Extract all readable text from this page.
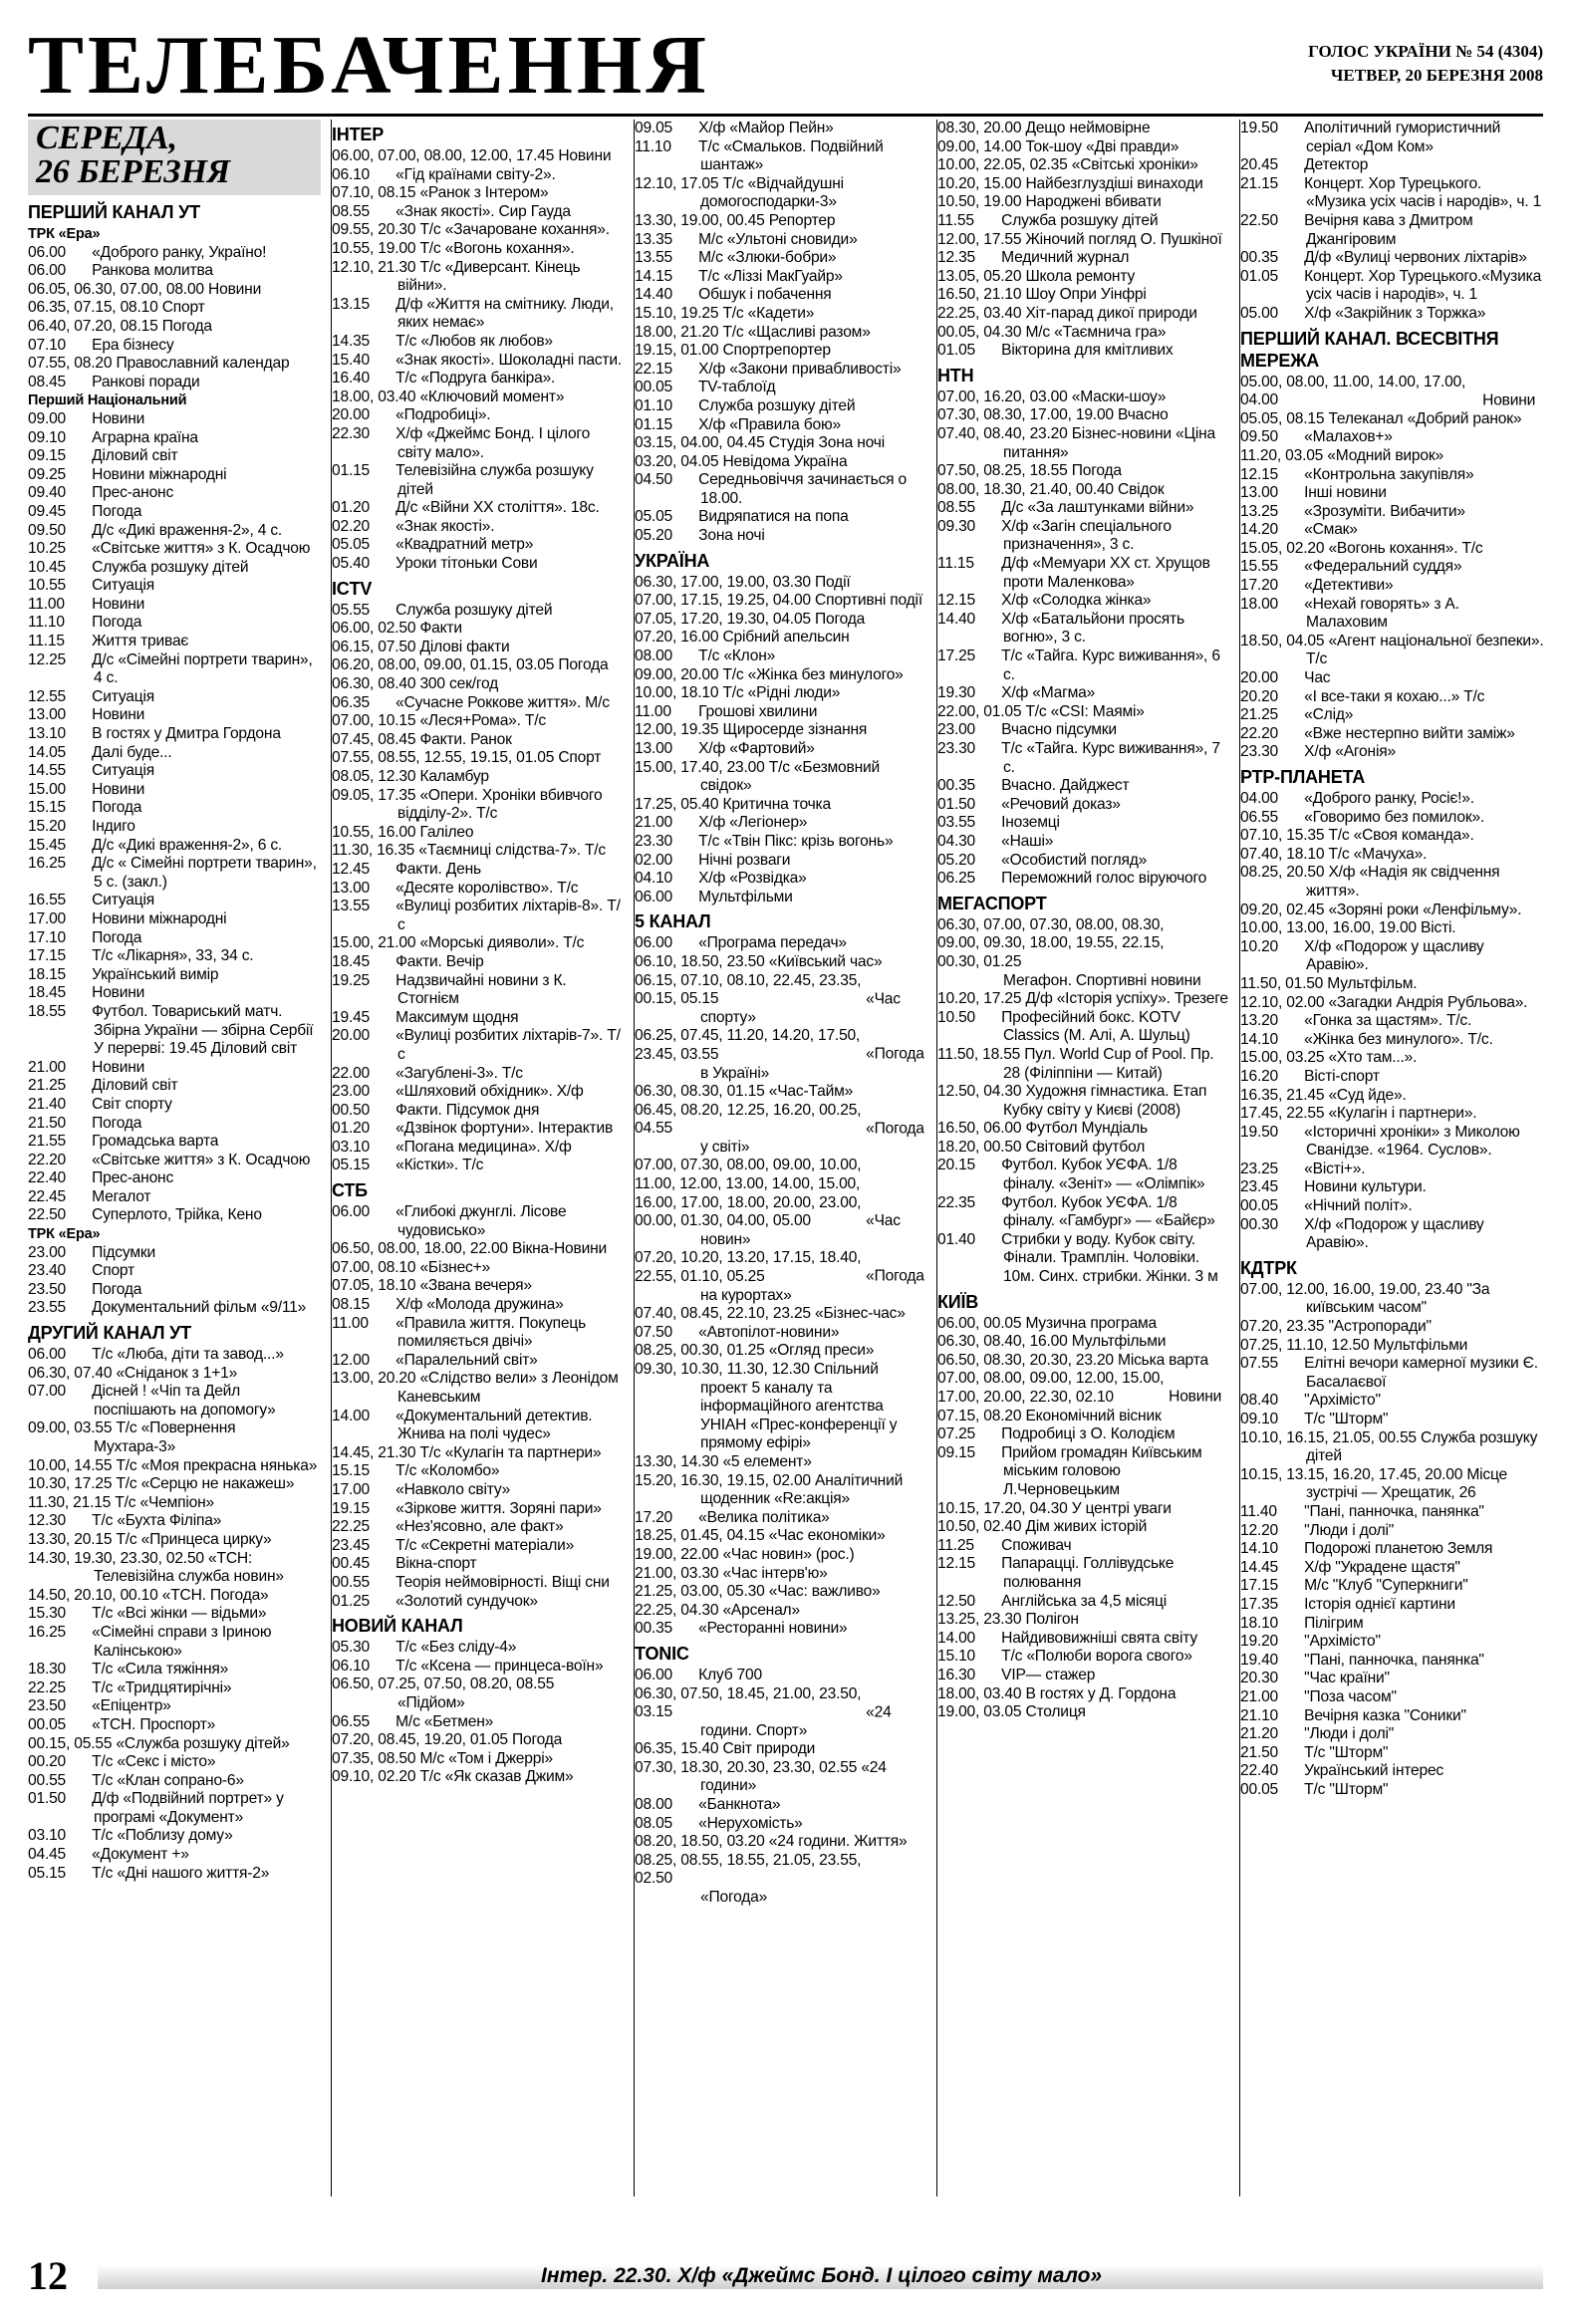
ТЕЛЕБАЧЕННЯ	ГОЛОС УКРАЇНИ № 54 (4304)
ЧЕТВЕР, 20 БЕРЕЗНЯ 2008
СЕРЕДА,
26 БЕРЕЗНЯ
ПЕРШИЙ КАНАЛ УТ
ТРК «Ера»
06.00 «Доброго ранку, Україно!
06.00 Ранкова молитва
06.05, 06.30, 07.00, 08.00 Новини
06.35, 07.15, 08.10 Спорт
06.40, 07.20, 08.15 Погода
07.10 Ера бізнесу
07.55, 08.20 Православний календар
08.45 Ранкові поради
Перший Національний
09.00 Новини
09.10 Аграрна країна
09.15 Діловий світ
09.25 Новини міжнародні
09.40 Прес-анонс
09.45 Погода
09.50 Д/с «Дикі враження-2», 4 с.
10.25 «Світське життя» з К. Осадчою
10.45 Служба розшуку дітей
10.55 Ситуація
11.00 Новини
11.10 Погода
11.15 Життя триває
12.25 Д/с «Сімейні портрети тварин», 4 с.
12.55 Ситуація
13.00 Новини
13.10 В гостях у Дмитра Гордона
14.05 Далі буде...
14.55 Ситуація
15.00 Новини
15.15 Погода
15.20 Індиго
15.45 Д/с «Дикі враження-2», 6 с.
16.25 Д/с « Сімейні портрети тварин», 5 с. (закл.)
16.55 Ситуація
17.00 Новини міжнародні
17.10 Погода
17.15 Т/с «Лікарня», 33, 34 с.
18.15 Український вимір
18.45 Новини
18.55 Футбол. Товариський матч. Збірна України — збірна Сербії У перерві: 19.45 Діловий світ
21.00 Новини
21.25 Діловий світ
21.40 Світ спорту
21.50 Погода
21.55 Громадська варта
22.20 «Світське життя» з К. Осадчою
22.40 Прес-анонс
22.45 Мегалот
22.50 Суперлото, Трійка, Кено
ТРК «Ера»
23.00 Підсумки
23.40 Спорт
23.50 Погода
23.55 Документальний фільм «9/11»
ДРУГИЙ КАНАЛ УТ
06.00 Т/с «Люба, діти та завод...»
06.30, 07.40 «Сніданок з 1+1»
07.00 Дісней ! «Чіп та Дейл поспішають на допомогу»
09.00, 03.55 Т/с «Повернення Мухтара-3»
10.00, 14.55 Т/с «Моя прекрасна нянька»
10.30, 17.25 Т/с «Серцю не накажеш»
11.30, 21.15 Т/с «Чемпіон»
12.30 Т/с «Бухта Філіпа»
13.30, 20.15 Т/с «Принцеса цирку»
14.30, 19.30, 23.30, 02.50 «ТСН: Телевізійна служба новин»
14.50, 20.10, 00.10 «ТСН. Погода»
15.30 Т/с «Всі жінки — відьми»
16.25 «Сімейні справи з Іриною Калінською»
18.30 Т/с «Сила тяжіння»
22.25 Т/с «Тридцятирічні»
23.50 «Епіцентр»
00.05 «ТСН. Проспорт»
00.15, 05.55 «Служба розшуку дітей»
00.20 Т/с «Секс і місто»
00.55 Т/с «Клан сопрано-6»
01.50 Д/ф «Подвійний портрет» у програмі «Документ»
03.10 Т/с «Поблизу дому»
04.45 «Документ +»
05.15 Т/с «Дні нашого життя-2»
ІНТЕР
06.00, 07.00, 08.00, 12.00, 17.45 Новини
06.10 «Гід країнами світу-2».
07.10, 08.15 «Ранок з Інтером»
08.55 «Знак якості». Сир Гауда
09.55, 20.30 Т/с «Зачароване кохання».
10.55, 19.00 Т/с «Вогонь кохання».
12.10, 21.30 Т/с «Диверсант. Кінець війни».
13.15 Д/ф «Життя на смітнику. Люди, яких немає»
14.35 Т/с «Любов як любов»
15.40 «Знак якості». Шоколадні пасти.
16.40 Т/с «Подруга банкіра».
18.00, 03.40 «Ключовий момент»
20.00 «Подробиці».
22.30 Х/ф «Джеймс Бонд. І цілого світу мало».
01.15 Телевізійна служба розшуку дітей
01.20 Д/с «Війни XX століття». 18с.
02.20 «Знак якості».
05.05 «Квадратний метр»
05.40 Уроки тітоньки Сови
ICTV
05.55 Служба розшуку дітей
06.00, 02.50 Факти
06.15, 07.50 Ділові факти
06.20, 08.00, 09.00, 01.15, 03.05 Погода
06.30, 08.40 300 сек/год
06.35 «Сучасне Роккове життя». М/с
07.00, 10.15 «Леся+Рома». Т/с
07.45, 08.45 Факти. Ранок
07.55, 08.55, 12.55, 19.15, 01.05 Спорт
08.05, 12.30 Каламбур
09.05, 17.35 «Опери. Хроніки вбивчого відділу-2». Т/с
10.55, 16.00 Галілео
11.30, 16.35 «Таємниці слідства-7». Т/с
12.45 Факти. День
13.00 «Десяте королівство». Т/с
13.55 «Вулиці розбитих ліхтарів-8». Т/с
15.00, 21.00 «Морські дияволи». Т/с
18.45 Факти. Вечір
19.25 Надзвичайні новини з К. Стогнієм
19.45 Максимум щодня
20.00 «Вулиці розбитих ліхтарів-7». Т/с
22.00 «Загублені-3». Т/с
23.00 «Шляховий обхідник». Х/ф
00.50 Факти. Підсумок дня
01.20 «Дзвінок фортуни». Інтерактив
03.10 «Погана медицина». Х/ф
05.15 «Кістки». Т/с
СТБ
06.00 «Глибокі джунглі. Лісове чудовисько»
06.50, 08.00, 18.00, 22.00 Вікна-Новини
07.00, 08.10 «Бізнес+»
07.05, 18.10 «Звана вечеря»
08.15 Х/ф «Молода дружина»
11.00 «Правила життя. Покупець помиляється двічі»
12.00 «Паралельний світ»
13.00, 20.20 «Слідство вели» з Леонідом Каневським
14.00 «Документальний детектив. Жнива на полі чудес»
14.45, 21.30 Т/с «Кулагін та партнери»
15.15 Т/с «Коломбо»
17.00 «Навколо світу»
19.15 «Зіркове життя. Зоряні пари»
22.25 «Нез'ясовно, але факт»
23.45 Т/с «Секретні матеріали»
00.45 Вікна-спорт
00.55 Теорія неймовірності. Віщі сни
01.25 «Золотий сундучок»
НОВИЙ КАНАЛ
05.30 Т/с «Без сліду-4»
06.10 Т/с «Ксена — принцеса-воїн»
06.50, 07.25, 07.50, 08.20, 08.55 «Підйом»
06.55 М/с «Бетмен»
07.20, 08.45, 19.20, 01.05 Погода
07.35, 08.50 М/с «Том і Джеррі»
09.10, 02.20 Т/с «Як сказав Джим»
09.05 Х/ф «Майор Пейн»
11.10 Т/с «Смальков. Подвійний шантаж»
12.10, 17.05 Т/с «Відчайдушні домогосподарки-3»
13.30, 19.00, 00.45 Репортер
13.35 М/с «Ультоні сновиди»
13.55 М/с «Злюки-бобри»
14.15 Т/с «Ліззі МакГуайр»
14.40 Обшук і побачення
15.10, 19.25 Т/с «Кадети»
18.00, 21.20 Т/с «Щасливі разом»
19.15, 01.00 Спортрепортер
22.15 Х/ф «Закони привабливості»
00.05 TV-таблоїд
01.10 Служба розшуку дітей
01.15 Х/ф «Правила бою»
03.15, 04.00, 04.45 Студія Зона ночі
03.20, 04.05 Невідома Україна
04.50 Середньовіччя зачинається о 18.00.
05.05 Видряпатися на попа
05.20 Зона ночі
УКРАЇНА
06.30, 17.00, 19.00, 03.30 Події
07.00, 17.15, 19.25, 04.00 Спортивні події
07.05, 17.20, 19.30, 04.05 Погода
07.20, 16.00 Срібний апельсин
08.00 Т/с «Клон»
09.00, 20.00 Т/с «Жінка без минулого»
10.00, 18.10 Т/с «Рідні люди»
11.00 Грошові хвилини
12.00, 19.35 Щиросерде зізнання
13.00 Х/ф «Фартовий»
15.00, 17.40, 23.00 Т/с «Безмовний свідок»
17.25, 05.40 Критична точка
21.00 Х/ф «Легіонер»
23.30 Т/с «Твін Пікс: крізь вогонь»
02.00 Нічні розваги
04.10 Х/ф «Розвідка»
06.00 Мультфільми
5 КАНАЛ
06.00 «Програма передач»
06.10, 18.50, 23.50 «Київський час»
06.15, 07.10, 08.10, 22.45, 23.35, 00.15, 05.15	«Час спорту»
06.25, 07.45, 11.20, 14.20, 17.50, 23.45, 03.55	«Погода в Україні»
06.30, 08.30, 01.15 «Час-Тайм»
06.45, 08.20, 12.25, 16.20, 00.25, 04.55	«Погода у світі»
07.00, 07.30, 08.00, 09.00, 10.00, 11.00, 12.00, 13.00, 14.00, 15.00, 16.00, 17.00, 18.00, 20.00, 23.00, 00.00, 01.30, 04.00, 05.00	«Час новин»
07.20, 10.20, 13.20, 17.15, 18.40, 22.55, 01.10, 05.25	«Погода на курортах»
07.40, 08.45, 22.10, 23.25 «Бізнес-час»
07.50 «Автопілот-новини»
08.25, 00.30, 01.25 «Огляд преси»
09.30, 10.30, 11.30, 12.30 Спільний проект 5 каналу та інформаційного агентства УНІАН «Прес-конференції у прямому ефірі»
13.30, 14.30 «5 елемент»
15.20, 16.30, 19.15, 02.00 Аналітичний щоденник «Re:акція»
17.20 «Велика політика»
18.25, 01.45, 04.15 «Час економіки»
19.00, 22.00 «Час новин» (рос.)
21.00, 03.30 «Час інтерв'ю»
21.25, 03.00, 05.30 «Час: важливо»
22.25, 04.30 «Арсенал»
00.35 «Ресторанні новини»
TONIC
06.00 Клуб 700
06.30, 07.50, 18.45, 21.00, 23.50, 03.15	«24 години. Спорт»
06.35, 15.40 Світ природи
07.30, 18.30, 20.30, 23.30, 02.55 «24 години»
08.00 «Банкнота»
08.05 «Нерухомість»
08.20, 18.50, 03.20 «24 години. Життя»
08.25, 08.55, 18.55, 21.05, 23.55, 02.50 «Погода»
08.30, 20.00 Дещо неймовірне
09.00, 14.00 Ток-шоу «Дві правди»
10.00, 22.05, 02.35 «Світські хроніки»
10.20, 15.00 Найбезглуздіші винаходи
10.50, 19.00 Народжені вбивати
11.55 Служба розшуку дітей
12.00, 17.55 Жіночий погляд О. Пушкіної
12.35 Медичний журнал
13.05, 05.20 Школа ремонту
16.50, 21.10 Шоу Опри Уінфрі
22.25, 03.40 Хіт-парад дикої природи
00.05, 04.30 М/с «Таємнича гра»
01.05 Вікторина для кмітливих
НТН
07.00, 16.20, 03.00 «Маски-шоу»
07.30, 08.30, 17.00, 19.00 Вчасно
07.40, 08.40, 23.20 Бізнес-новини «Ціна питання»
07.50, 08.25, 18.55 Погода
08.00, 18.30, 21.40, 00.40 Свідок
08.55 Д/с «За лаштунками війни»
09.30 Х/ф «Загін спеціального призначення», 3 с.
11.15 Д/ф «Мемуари XX ст. Хрущов проти Маленкова»
12.15 Х/ф «Солодка жінка»
14.40 Х/ф «Батальйони просять вогню», 3 с.
17.25 Т/с «Тайга. Курс виживання», 6 с.
19.30 Х/ф «Магма»
22.00, 01.05 Т/с «CSI: Маямі»
23.00 Вчасно підсумки
23.30 Т/с «Тайга. Курс виживання», 7 с.
00.35 Вчасно. Дайджест
01.50 «Речовий доказ»
03.55 Іноземці
04.30 «Наші»
05.20 «Особистий погляд»
06.25 Переможний голос віруючого
МЕГАСПОРТ
06.30, 07.00, 07.30, 08.00, 08.30, 09.00, 09.30, 18.00, 19.55, 22.15, 00.30, 01.25 Мегафон. Спортивні новини
10.20, 17.25 Д/ф «Історія успіху». Трезеге
10.50 Професійний бокс. KOTV Classics (М. Алі, А. Шульц)
11.50, 18.55 Пул. World Cup of Pool. Пр. 28 (Філіппіни — Китай)
12.50, 04.30 Художня гімнастика. Етап Кубку світу у Києві (2008)
16.50, 06.00 Футбол Мундіаль
18.20, 00.50 Світовий футбол
20.15 Футбол. Кубок УЄФА. 1/8 фіналу. «Зеніт» — «Олімпік»
22.35 Футбол. Кубок УЄФА. 1/8 фіналу. «Гамбург» — «Байєр»
01.40 Стрибки у воду. Кубок світу. Фінали. Трамплін. Чоловіки. 10м. Синх. стрибки. Жінки. 3 м
КИЇВ
06.00, 00.05 Музична програма
06.30, 08.40, 16.00 Мультфільми
06.50, 08.30, 20.30, 23.20 Міська варта
07.00, 08.00, 09.00, 12.00, 15.00, 17.00, 20.00, 22.30, 02.10	Новини
07.15, 08.20 Економічний вісник
07.25 Подробиці з О. Колодієм
09.15 Прийом громадян Київським міським головою Л.Черновецьким
10.15, 17.20, 04.30 У центрі уваги
10.50, 02.40 Дім живих історій
11.25 Споживач
12.15 Папарацці. Голлівудське полювання
12.50 Англійська за 4,5 місяці
13.25, 23.30 Полігон
14.00 Найдивовижніші свята світу
15.10 Т/с «Полюби ворога свого»
16.30 VIP— стажер
18.00, 03.40 В гостях у Д. Гордона
19.00, 03.05 Столиця
19.50 Аполітичний гумористичний серіал «Дом Ком»
20.45 Детектор
21.15 Концерт. Хор Турецького. «Музика усіх часів і народів», ч. 1
22.50 Вечірня кава з Дмитром Джангіровим
00.35 Д/ф «Вулиці червоних ліхтарів»
01.05 Концерт. Хор Турецького.«Музика усіх часів і народів», ч. 1
05.00 Х/ф «Закрійник з Торжка»
ПЕРШИЙ КАНАЛ. ВСЕСВІТНЯ МЕРЕЖА
05.00, 08.00, 11.00, 14.00, 17.00, 04.00	Новини
05.05, 08.15 Телеканал «Добрий ранок»
09.50 «Малахов+»
11.20, 03.05 «Модний вирок»
12.15 «Контрольна закупівля»
13.00 Інші новини
13.25 «Зрозуміти. Вибачити»
14.20 «Смак»
15.05, 02.20 «Вогонь кохання». Т/с
15.55 «Федеральний суддя»
17.20 «Детективи»
18.00 «Нехай говорять» з А. Малаховим
18.50, 04.05 «Агент національної безпеки». Т/с
20.00 Час
20.20 «І все-таки я кохаю...» Т/с
21.25 «Слід»
22.20 «Вже нестерпно вийти заміж»
23.30 Х/ф «Агонія»
РТР-ПЛАНЕТА
04.00 «Доброго ранку, Росіє!».
06.55 «Говоримо без помилок».
07.10, 15.35 Т/с «Своя команда».
07.40, 18.10 Т/с «Мачуха».
08.25, 20.50 Х/ф «Надія як свідчення життя».
09.20, 02.45 «Зоряні роки «Ленфільму».
10.00, 13.00, 16.00, 19.00 Вісті.
10.20 Х/ф «Подорож у щасливу Аравію».
11.50, 01.50 Мультфільм.
12.10, 02.00 «Загадки Андрія Рубльова».
13.20 «Гонка за щастям». Т/с.
14.10 «Жінка без минулого». Т/с.
15.00, 03.25 «Хто там...».
16.20 Вісті-спорт
16.35, 21.45 «Суд йде».
17.45, 22.55 «Кулагін і партнери».
19.50 «Історичні хроніки» з Миколою Сванідзе. «1964. Суслов».
23.25 «Вісті+».
23.45 Новини культури.
00.05 «Нічний політ».
00.30 Х/ф «Подорож у щасливу Аравію».
КДТРК
07.00, 12.00, 16.00, 19.00, 23.40 "За київським часом"
07.20, 23.35 "Астропоради"
07.25, 11.10, 12.50 Мультфільми
07.55 Елітні вечори камерної музики Є. Басалаєвої
08.40 "Архімісто"
09.10 Т/с "Шторм"
10.10, 16.15, 21.05, 00.55 Служба розшуку дітей
10.15, 13.15, 16.20, 17.45, 20.00 Місце зустрічі — Хрещатик, 26
11.40 "Пані, панночка, панянка"
12.20 "Люди і долі"
14.10 Подорожі планетою Земля
14.45 Х/ф "Украдене щастя"
17.15 М/с "Клуб "Суперкниги"
17.35 Історія однієї картини
18.10 Пілігрим
19.20 "Архімісто"
19.40 "Пані, панночка, панянка"
20.30 "Час країни"
21.00 "Поза часом"
21.10 Вечірня казка "Соники"
21.20 "Люди і долі"
21.50 Т/с "Шторм"
22.40 Український інтерес
00.05 Т/с "Шторм"
12	Інтер. 22.30. Х/ф «Джеймс Бонд. І цілого світу мало»
